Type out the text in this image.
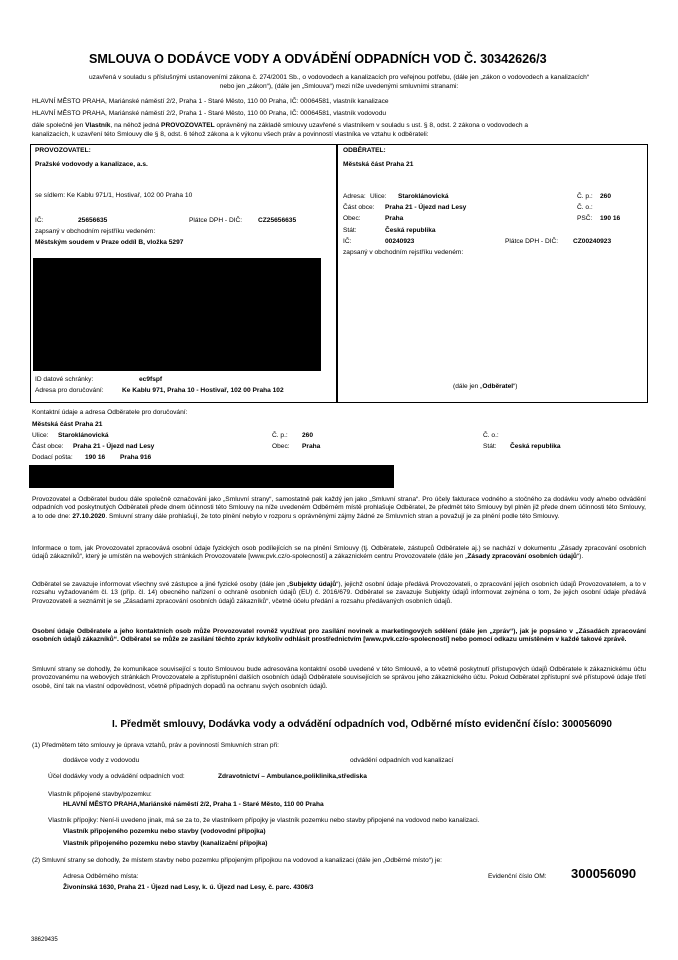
SMLOUVA O DODÁVCE VODY A ODVÁDĚNÍ ODPADNÍCH VOD Č. 30342626/3
uzavřená v souladu s příslušnými ustanoveními zákona č. 274/2001 Sb., o vodovodech a kanalizacích pro veřejnou potřebu, (dále jen „zákon o vodovodech a kanalizacích“
nebo jen „zákon“), (dále jen „Smlouva“) mezi níže uvedenými smluvními stranami:
HLAVNÍ MĚSTO PRAHA, Mariánské náměstí 2/2, Praha 1 - Staré Město, 110 00 Praha, IČ: 00064581, vlastník kanalizace
HLAVNÍ MĚSTO PRAHA, Mariánské náměstí 2/2, Praha 1 - Staré Město, 110 00 Praha, IČ: 00064581, vlastník vodovodu
dále společně jen Vlastník, na něhož jedná PROVOZOVATEL oprávněný na základě smlouvy uzavřené s vlastníkem v souladu s ust. § 8, odst. 2 zákona o vodovodech a
kanalizacích, k uzavření této Smlouvy dle § 8, odst. 6 téhož zákona a k výkonu všech práv a povinností vlastníka ve vztahu k odběrateli:
PROVOZOVATEL:
Pražské vodovody a kanalizace, a.s.
se sídlem: Ke Kablu 971/1, Hostivař, 102 00 Praha 10
IČ:	25656635	Plátce DPH - DIČ: CZ25656635
zapsaný v obchodním rejstříku vedeném:
Městským soudem v Praze oddíl B, vložka 5297
ID datové schránky:	ec9fspf
Adresa pro doručování:	Ke Kablu 971, Praha 10 - Hostivař, 102 00 Praha 102
ODBĚRATEL:
Městská část Praha 21
Adresa: Ulice: Staroklánovická	Č. p.: 260
Část obce: Praha 21 - Újezd nad Lesy	Č. o.:
Obec:	Praha	PSČ: 190 16
Stát:	Česká republika
IČ:	00240923	Plátce DPH - DIČ: CZ00240923
zapsaný v obchodním rejstříku vedeném:
(dále jen „Odběratel“)
Kontaktní údaje a adresa Odběratele pro doručování:
Městská část Praha 21
Ulice: Staroklánovická	Č. p.: 260	Č. o.:
Část obce: Praha 21 - Újezd nad Lesy	Obec: Praha	Stát: Česká republika
Dodací pošta: 190 16 Praha 916
Provozovatel a Odběratel budou dále společně označováni jako „Smluvní strany“, samostatně pak každý jen jako „Smluvní strana“. Pro účely fakturace vodného a stočného za dodávku vody a/nebo odvádění odpadních vod poskytnutých Odběrateli přede dnem účinnosti této Smlouvy na níže uvedeném Odběrném místě prohlašuje Odběratel, že předmět této Smlouvy byl plněn již přede dnem účinnosti této Smlouvy, a to ode dne: 27.10.2020. Smluvní strany dále prohlašují, že toto plnění nebylo v rozporu s oprávněnými zájmy žádné ze Smluvních stran a považují je za plnění podle této Smlouvy.
Informace o tom, jak Provozovatel zpracovává osobní údaje fyzických osob podílejících se na plnění Smlouvy (tj. Odběratele, zástupců Odběratele aj.) se nachází v dokumentu „Zásady zpracování osobních údajů zákazníků“, který je umístěn na webových stránkách Provozovatele [www.pvk.cz/o-spolecnosti] a zákaznickém centru Provozovatele (dále jen „Zásady zpracování osobních údajů“).
Odběratel se zavazuje informovat všechny své zástupce a jiné fyzické osoby (dále jen „Subjekty údajů“), jejichž osobní údaje předává Provozovateli, o zpracování jejích osobních údajů Provozovatelem, a to v rozsahu vyžadovaném čl. 13 (příp. čl. 14) obecného nařízení o ochraně osobních údajů (EU) č. 2016/679. Odběratel se zavazuje Subjekty údajů informovat zejména o tom, že jejich osobní údaje předává Provozovateli a seznámit je se „Zásadami zpracování osobních údajů zákazníků“, včetně účelu předání a rozsahu předávaných osobních údajů.
Osobní údaje Odběratele a jeho kontaktních osob může Provozovatel rovněž využívat pro zasílání novinek a marketingových sdělení (dále jen „zpráv“), jak je popsáno v „Zásadách zpracování osobních údajů zákazníků“. Odběratel se může ze zasílání těchto zpráv kdykoliv odhlásit prostřednictvím [www.pvk.cz/o-spolecnosti] nebo pomocí odkazu umístěném v každé takové zprávě.
Smluvní strany se dohodly, že komunikace související s touto Smlouvou bude adresována kontaktní osobě uvedené v této Smlouvě, a to včetně poskytnutí přístupových údajů Odběratele k zákaznickému účtu provozovanému na webových stránkách Provozovatele a zpřístupnění dalších osobních údajů Odběratele souvisejících se správou jeho zákaznického účtu. Pokud Odběratel zpřístupní své přístupové údaje třetí osobě, činí tak na vlastní odpovědnost, včetně případných dopadů na ochranu svých osobních údajů.
I. Předmět smlouvy, Dodávka vody a odvádění odpadních vod, Odběrné místo evidenční číslo: 300056090
(1) Předmětem této smlouvy je úprava vztahů, práv a povinností Smluvních stran při:
dodávce vody z vodovodu	odvádění odpadních vod kanalizací
Účel dodávky vody a odvádění odpadních vod:	Zdravotnictví – Ambulance,poliklinika,střediska
Vlastník připojené stavby/pozemku:
HLAVNÍ MĚSTO PRAHA,Mariánské náměstí 2/2, Praha 1 - Staré Město, 110 00 Praha
Vlastník přípojky: Není-li uvedeno jinak, má se za to, že vlastníkem přípojky je vlastník pozemku nebo stavby připojené na vodovod nebo kanalizaci.
Vlastník připojeného pozemku nebo stavby (vodovodní přípojka)
Vlastník připojeného pozemku nebo stavby (kanalizační přípojka)
(2) Smluvní strany se dohodly, že místem stavby nebo pozemku připojeným přípojkou na vodovod a kanalizaci (dále jen „Odběrné místo“) je:
Adresa Odběrného místa:
Živonínská 1630, Praha 21 - Újezd nad Lesy, k. ú. Újezd nad Lesy, č. parc. 4306/3
Evidenční číslo OM: 300056090
38629435
